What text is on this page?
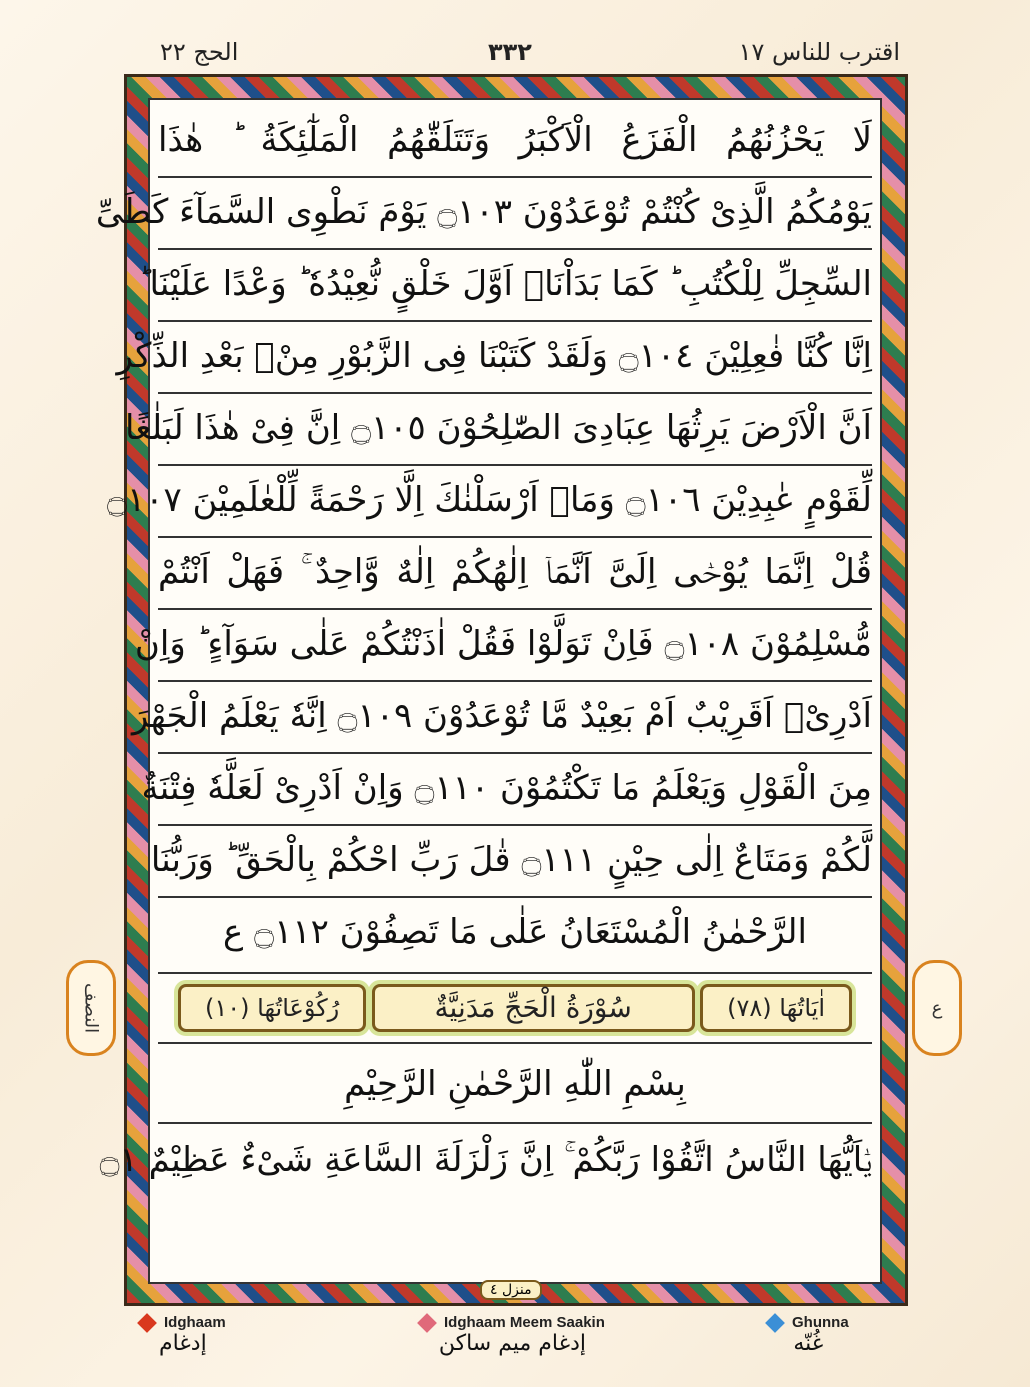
اقترب للناس ١٧
٣٣٢
الحج ٢٢
لَا يَحْزُنُهُمُ الْفَزَعُ الْاَكْبَرُ وَتَتَلَقّٰهُمُ الْمَلٰٓئِكَةُ ؕ هٰذَا
يَوْمُكُمُ الَّذِیْ كُنْتُمْ تُوْعَدُوْنَ ۝١٠٣ يَوْمَ نَطْوِی السَّمَآءَ كَطَیِّ
السِّجِلِّ لِلْكُتُبِ ؕ كَمَا بَدَاْنَاۤ اَوَّلَ خَلْقٍ نُّعِیْدُهٗ ؕ وَعْدًا عَلَیْنَا ؕ
اِنَّا كُنَّا فٰعِلِیْنَ ۝١٠٤ وَلَقَدْ كَتَبْنَا فِی الزَّبُوْرِ مِنْۢ بَعْدِ الذِّكْرِ
اَنَّ الْاَرْضَ یَرِثُهَا عِبَادِیَ الصّٰلِحُوْنَ ۝١٠٥ اِنَّ فِیْ هٰذَا لَبَلٰغًا
لِّقَوْمٍ عٰبِدِیْنَ ۝١٠٦ وَمَاۤ اَرْسَلْنٰكَ اِلَّا رَحْمَةً لِّلْعٰلَمِیْنَ ۝١٠٧
قُلْ اِنَّمَا یُوْحٰۤى اِلَیَّ اَنَّمَاۤ اِلٰهُكُمْ اِلٰهٌ وَّاحِدٌ ۚ فَهَلْ اَنْتُمْ
مُّسْلِمُوْنَ ۝١٠٨ فَاِنْ تَوَلَّوْا فَقُلْ اٰذَنْتُكُمْ عَلٰى سَوَآءٍ ؕ وَاِنْ
اَدْرِیْۤ اَقَرِیْبٌ اَمْ بَعِیْدٌ مَّا تُوْعَدُوْنَ ۝١٠٩ اِنَّهٗ یَعْلَمُ الْجَهْرَ
مِنَ الْقَوْلِ وَیَعْلَمُ مَا تَكْتُمُوْنَ ۝١١٠ وَاِنْ اَدْرِیْ لَعَلَّهٗ فِتْنَةٌ
لَّكُمْ وَمَتَاعٌ اِلٰى حِیْنٍ ۝١١١ قٰلَ رَبِّ احْكُمْ بِالْحَقِّ ؕ وَرَبُّنَا
الرَّحْمٰنُ الْمُسْتَعَانُ عَلٰى مَا تَصِفُوْنَ ۝١١٢ ع
اٰیَاتُهَا (٧٨)
سُوْرَةُ الْحَجِّ مَدَنِیَّةٌ
رُكُوْعَاتُهَا (١٠)
بِسْمِ اللّٰهِ الرَّحْمٰنِ الرَّحِیْمِ
یٰۤاَیُّهَا النَّاسُ اتَّقُوْا رَبَّكُمْ ۚ اِنَّ زَلْزَلَةَ السَّاعَةِ شَیْءٌ عَظِیْمٌ ۝١
منزل ٤
النصف	ع
Idghaam
إدغام
Idghaam Meem Saakin
إدغام میم ساکن
Ghunna
غُنّه
